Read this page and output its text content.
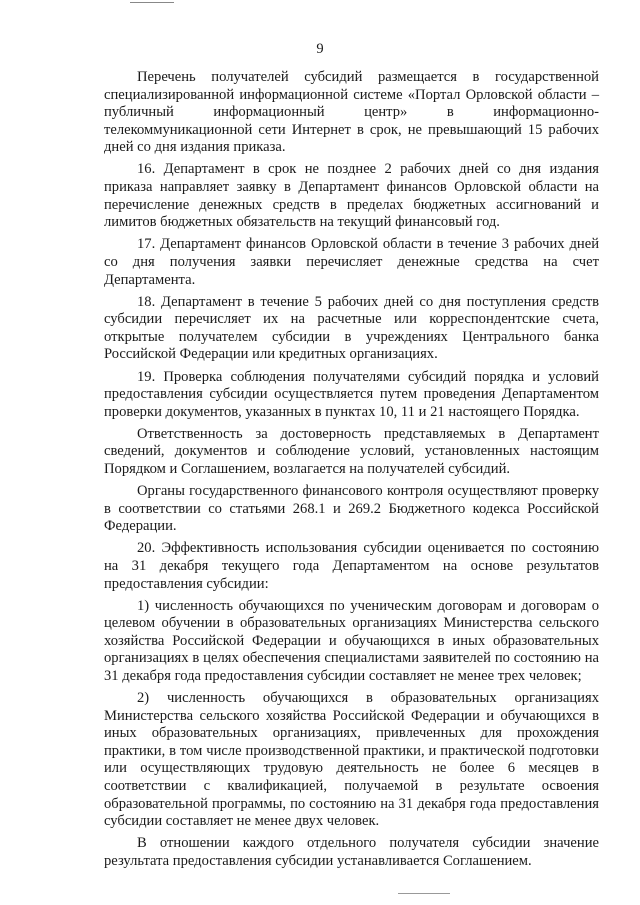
9

Перечень получателей субсидий размещается в государственной специализированной информационной системе «Портал Орловской области – публичный информационный центр» в информационно-телекоммуникационной сети Интернет в срок, не превышающий 15 рабочих дней со дня издания приказа.

16. Департамент в срок не позднее 2 рабочих дней со дня издания приказа направляет заявку в Департамент финансов Орловской области на перечисление денежных средств в пределах бюджетных ассигнований и лимитов бюджетных обязательств на текущий финансовый год.

17. Департамент финансов Орловской области в течение 3 рабочих дней со дня получения заявки перечисляет денежные средства на счет Департамента.

18. Департамент в течение 5 рабочих дней со дня поступления средств субсидии перечисляет их на расчетные или корреспондентские счета, открытые получателем субсидии в учреждениях Центрального банка Российской Федерации или кредитных организациях.

19. Проверка соблюдения получателями субсидий порядка и условий предоставления субсидии осуществляется путем проведения Департаментом проверки документов, указанных в пунктах 10, 11 и 21 настоящего Порядка.

Ответственность за достоверность представляемых в Департамент сведений, документов и соблюдение условий, установленных настоящим Порядком и Соглашением, возлагается на получателей субсидий.

Органы государственного финансового контроля осуществляют проверку в соответствии со статьями 268.1 и 269.2 Бюджетного кодекса Российской Федерации.

20. Эффективность использования субсидии оценивается по состоянию на 31 декабря текущего года Департаментом на основе результатов предоставления субсидии:

1) численность обучающихся по ученическим договорам и договорам о целевом обучении в образовательных организациях Министерства сельского хозяйства Российской Федерации и обучающихся в иных образовательных организациях в целях обеспечения специалистами заявителей по состоянию на 31 декабря года предоставления субсидии составляет не менее трех человек;

2) численность обучающихся в образовательных организациях Министерства сельского хозяйства Российской Федерации и обучающихся в иных образовательных организациях, привлеченных для прохождения практики, в том числе производственной практики, и практической подготовки или осуществляющих трудовую деятельность не более 6 месяцев в соответствии с квалификацией, получаемой в результате освоения образовательной программы, по состоянию на 31 декабря года предоставления субсидии составляет не менее двух человек.

В отношении каждого отдельного получателя субсидии значение результата предоставления субсидии устанавливается Соглашением.
